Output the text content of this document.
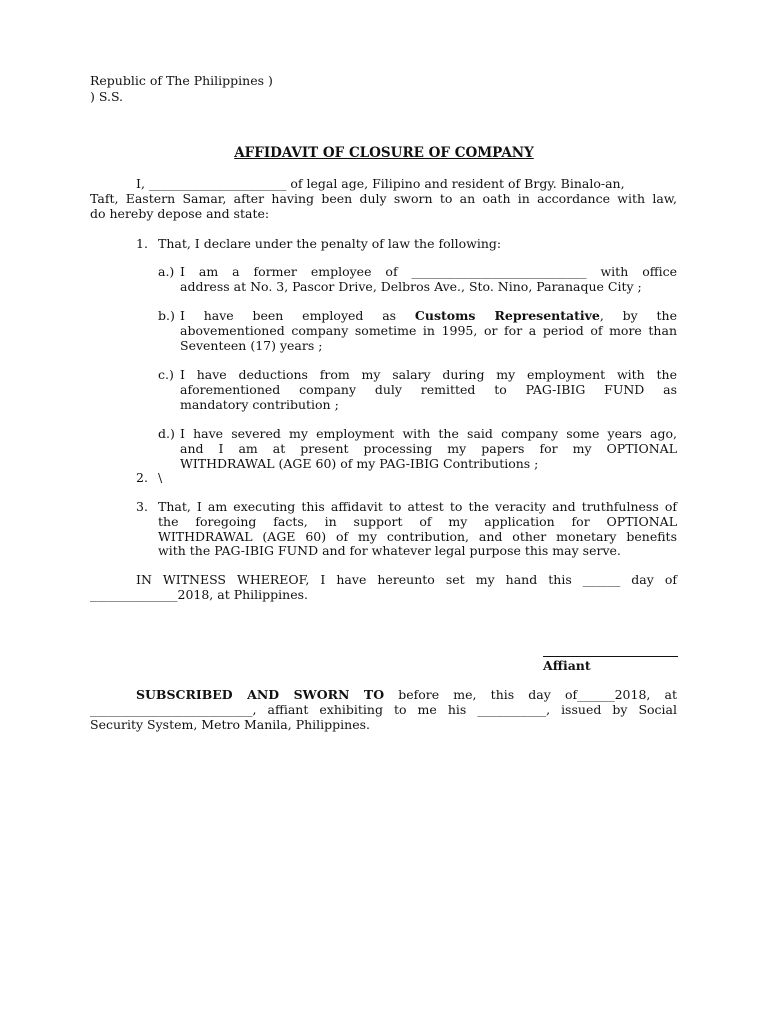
Republic of The Philippines )
) S.S.
AFFIDAVIT OF CLOSURE OF COMPANY
I, ______________________ of legal age, Filipino and resident of Brgy. Binalo-an,
Taft, Eastern Samar, after having been duly sworn to an oath in accordance with law,
do hereby depose and state:
1. That, I declare under the penalty of law the following:
a.) I am a former employee of ____________________________ with office
address at No. 3, Pascor Drive, Delbros Ave., Sto. Nino, Paranaque City ;
b.) I have been employed as Customs Representative, by the
abovementioned company sometime in 1995, or for a period of more than
Seventeen (17) years ;
c.) I have deductions from my salary during my employment with the
aforementioned company duly remitted to PAG-IBIG FUND as
mandatory contribution ;
d.) I have severed my employment with the said company some years ago,
and I am at present processing my papers for my OPTIONAL
WITHDRAWAL (AGE 60) of my PAG-IBIG Contributions ;
2. \
3. That, I am executing this affidavit to attest to the veracity and truthfulness of
the foregoing facts, in support of my application for OPTIONAL
WITHDRAWAL (AGE 60) of my contribution, and other monetary benefits
with the PAG-IBIG FUND and for whatever legal purpose this may serve.
IN WITNESS WHEREOF, I have hereunto set my hand this ______ day of
______________2018, at Philippines.
Affiant
SUBSCRIBED AND SWORN TO before me, this day of______2018, at
__________________________, affiant exhibiting to me his ___________, issued by Social
Security System, Metro Manila, Philippines.
